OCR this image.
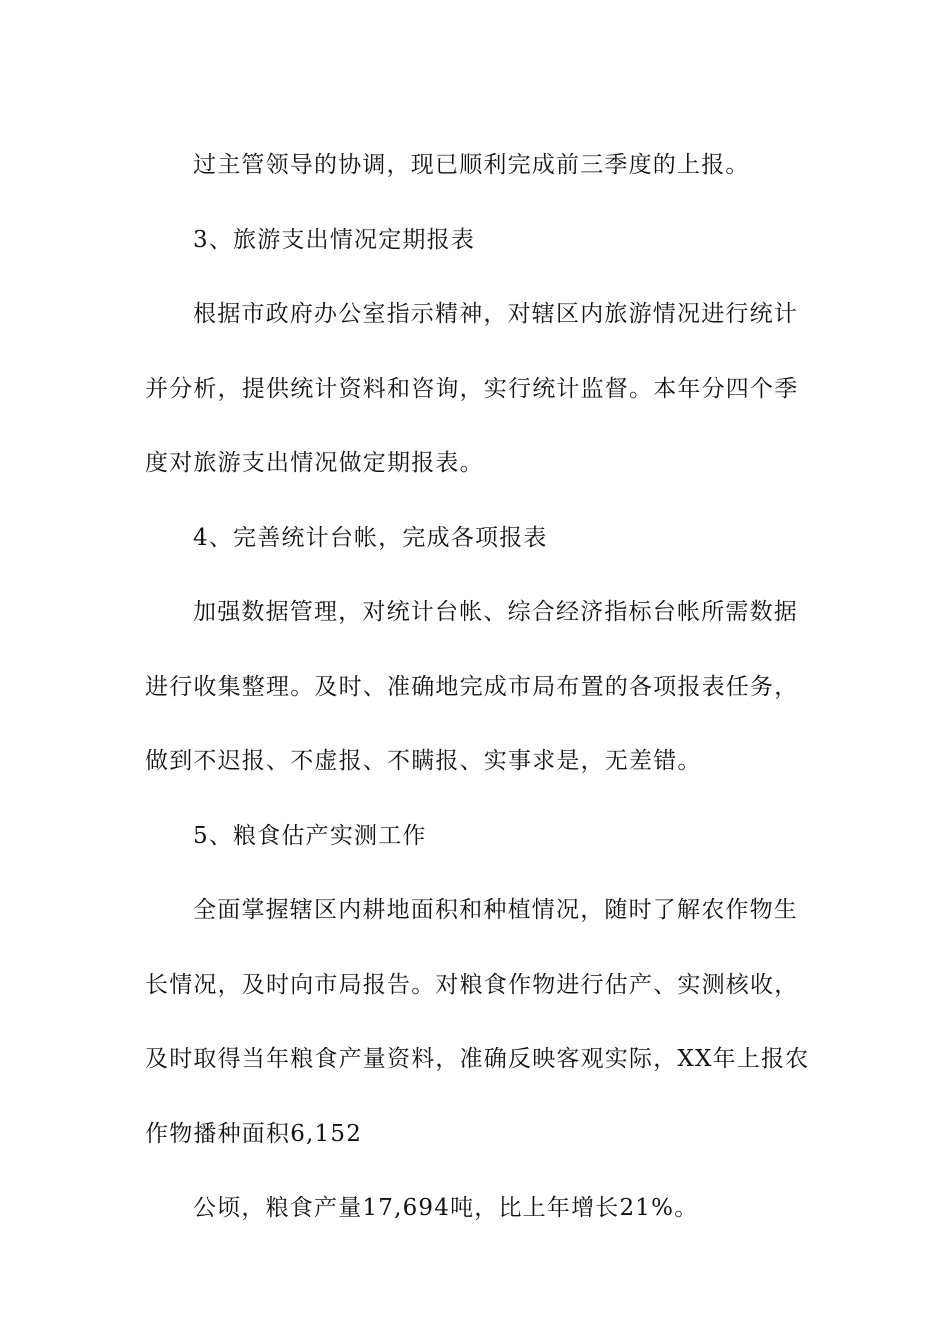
过主管领导的协调，现已顺利完成前三季度的上报。
3、旅游支出情况定期报表
根据市政府办公室指示精神，对辖区内旅游情况进行统计
并分析，提供统计资料和咨询，实行统计监督。本年分四个季
度对旅游支出情况做定期报表。
4、完善统计台帐，完成各项报表
加强数据管理，对统计台帐、综合经济指标台帐所需数据
进行收集整理。及时、准确地完成市局布置的各项报表任务，
做到不迟报、不虚报、不瞒报、实事求是，无差错。
5、粮食估产实测工作
全面掌握辖区内耕地面积和种植情况，随时了解农作物生
长情况，及时向市局报告。对粮食作物进行估产、实测核收，
及时取得当年粮食产量资料，准确反映客观实际，XX年上报农
作物播种面积6,152
公顷，粮食产量17,694吨，比上年增长21%。
